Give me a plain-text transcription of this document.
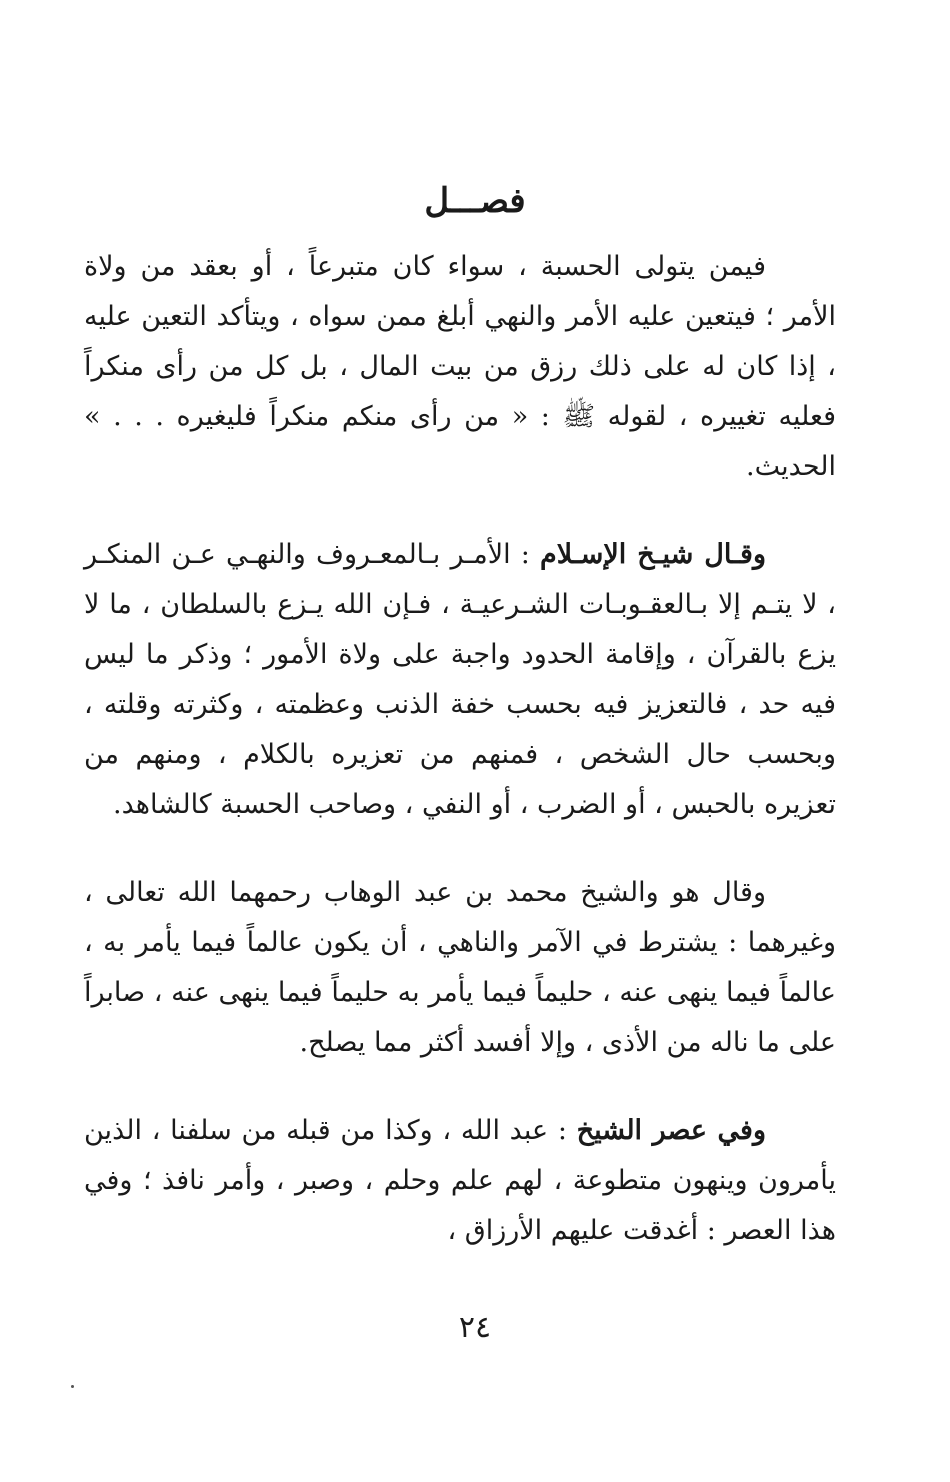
فصـــل

فيمن يتولى الحسبة ، سواء كان متبرعاً ، أو بعقد من ولاة الأمر ؛ فيتعين عليه الأمر والنهي أبلغ ممن سواه ، ويتأكد التعين عليه ، إذا كان له على ذلك رزق من بيت المال ، بل كل من رأى منكراً فعليه تغييره ، لقوله ﷺ : « من رأى منكم منكراً فليغيره . . . » الحديث.

وقـال شيـخ الإسـلام : الأمـر بـالمعـروف والنهـي عـن المنكـر ، لا يتـم إلا بـالعقـوبـات الشـرعيـة ، فـإن الله يـزع بالسلطان ، ما لا يزع بالقرآن ، وإقامة الحدود واجبة على ولاة الأمور ؛ وذكر ما ليس فيه حد ، فالتعزيز فيه بحسب خفة الذنب وعظمته ، وكثرته وقلته ، وبحسب حال الشخص ، فمنهم من تعزيره بالكلام ، ومنهم من تعزيره بالحبس ، أو الضرب ، أو النفي ، وصاحب الحسبة كالشاهد.

وقال هو والشيخ محمد بن عبد الوهاب رحمهما الله تعالى ، وغيرهما : يشترط في الآمر والناهي ، أن يكون عالماً فيما يأمر به ، عالماً فيما ينهى عنه ، حليماً فيما يأمر به حليماً فيما ينهى عنه ، صابراً على ما ناله من الأذى ، وإلا أفسد أكثر مما يصلح.

وفي عصر الشيخ : عبد الله ، وكذا من قبله من سلفنا ، الذين يأمرون وينهون متطوعة ، لهم علم وحلم ، وصبر ، وأمر نافذ ؛ وفي هذا العصر : أغدقت عليهم الأرزاق ،

٢٤
